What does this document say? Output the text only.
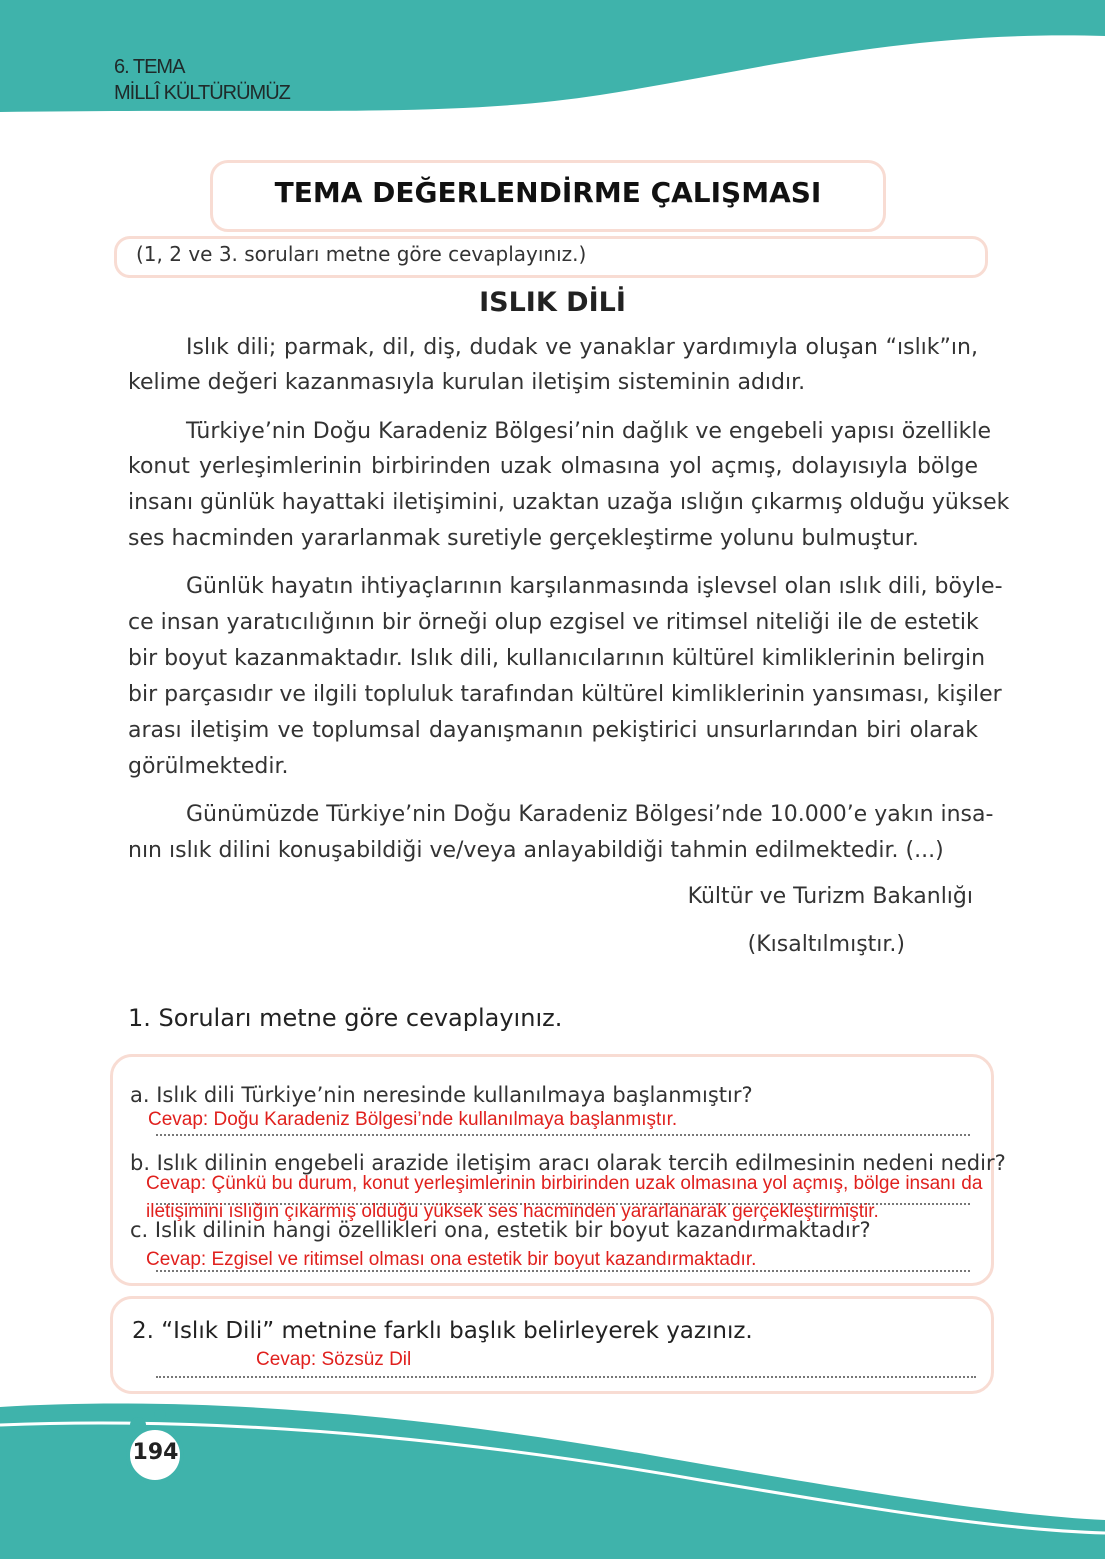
6. TEMA
MİLLÎ KÜLTÜRÜMÜZ
TEMA DEĞERLENDİRME ÇALIŞMASI
(1, 2 ve 3. soruları metne göre cevaplayınız.)
ISLIK DİLİ
Islık dili; parmak, dil, diş, dudak ve yanaklar yardımıyla oluşan “ıslık”ın,
kelime değeri kazanmasıyla kurulan iletişim sisteminin adıdır.
Türkiye’nin Doğu Karadeniz Bölgesi’nin dağlık ve engebeli yapısı özellikle
konut yerleşimlerinin birbirinden uzak olmasına yol açmış, dolayısıyla bölge
insanı günlük hayattaki iletişimini, uzaktan uzağa ıslığın çıkarmış olduğu yüksek
ses hacminden yararlanmak suretiyle gerçekleştirme yolunu bulmuştur.
Günlük hayatın ihtiyaçlarının karşılanmasında işlevsel olan ıslık dili, böyle-
ce insan yaratıcılığının bir örneği olup ezgisel ve ritimsel niteliği ile de estetik
bir boyut kazanmaktadır. Islık dili, kullanıcılarının kültürel kimliklerinin belirgin
bir parçasıdır ve ilgili topluluk tarafından kültürel kimliklerinin yansıması, kişiler
arası iletişim ve toplumsal dayanışmanın pekiştirici unsurlarından biri olarak
görülmektedir.
Günümüzde Türkiye’nin Doğu Karadeniz Bölgesi’nde 10.000’e yakın insa-
nın ıslık dilini konuşabildiği ve/veya anlayabildiği tahmin edilmektedir. (...)
Kültür ve Turizm Bakanlığı
(Kısaltılmıştır.)
1. Soruları metne göre cevaplayınız.
a. Islık dili Türkiye’nin neresinde kullanılmaya başlanmıştır?
Cevap: Doğu Karadeniz Bölgesi’nde kullanılmaya başlanmıştır.
b. Islık dilinin engebeli arazide iletişim aracı olarak tercih edilmesinin nedeni nedir?
Cevap: Çünkü bu durum, konut yerleşimlerinin birbirinden uzak olmasına yol açmış, bölge insanı da
iletişimini ıslığın çıkarmış olduğu yüksek ses hacminden yararlanarak gerçekleştirmiştir.
c. Islık dilinin hangi özellikleri ona, estetik bir boyut kazandırmaktadır?
Cevap: Ezgisel ve ritimsel olması ona estetik bir boyut kazandırmaktadır.
2. “Islık Dili” metnine farklı başlık belirleyerek yazınız.
Cevap: Sözsüz Dil
194
